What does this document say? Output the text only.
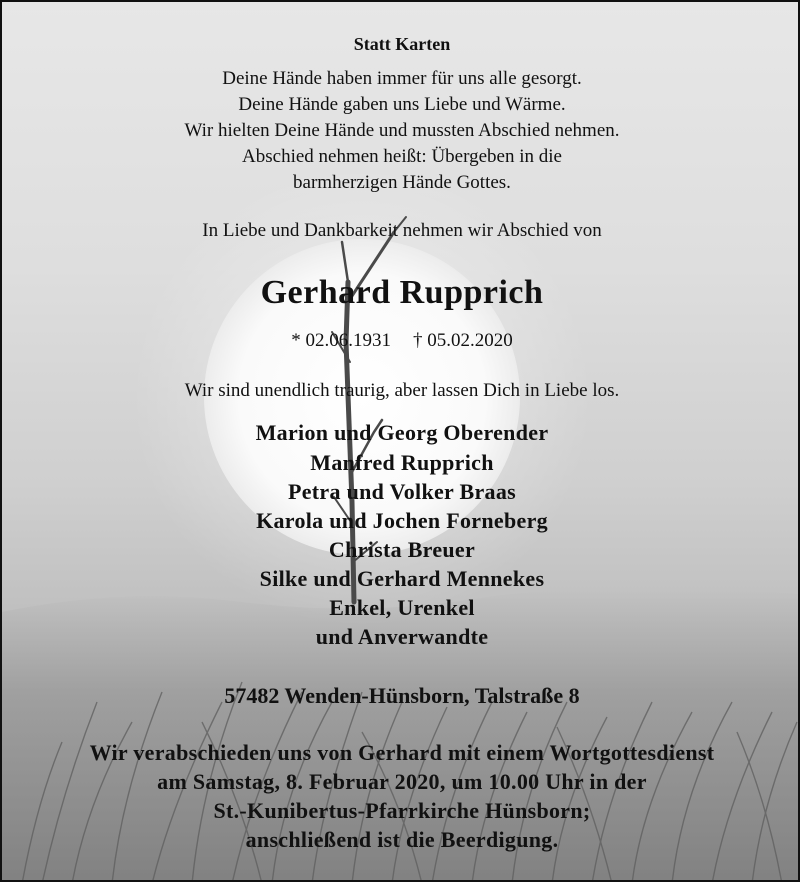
Statt Karten
Deine Hände haben immer für uns alle gesorgt.
Deine Hände gaben uns Liebe und Wärme.
Wir hielten Deine Hände und mussten Abschied nehmen.
Abschied nehmen heißt: Übergeben in die
barmherzigen Hände Gottes.
In Liebe und Dankbarkeit nehmen wir Abschied von
Gerhard Rupprich
* 02.06.1931 † 05.02.2020
Wir sind unendlich traurig, aber lassen Dich in Liebe los.
Marion und Georg Oberender
Manfred Rupprich
Petra und Volker Braas
Karola und Jochen Forneberg
Christa Breuer
Silke und Gerhard Mennekes
Enkel, Urenkel
und Anverwandte
57482 Wenden-Hünsborn, Talstraße 8
Wir verabschieden uns von Gerhard mit einem Wortgottesdienst
am Samstag, 8. Februar 2020, um 10.00 Uhr in der
St.-Kunibertus-Pfarrkirche Hünsborn;
anschließend ist die Beerdigung.
